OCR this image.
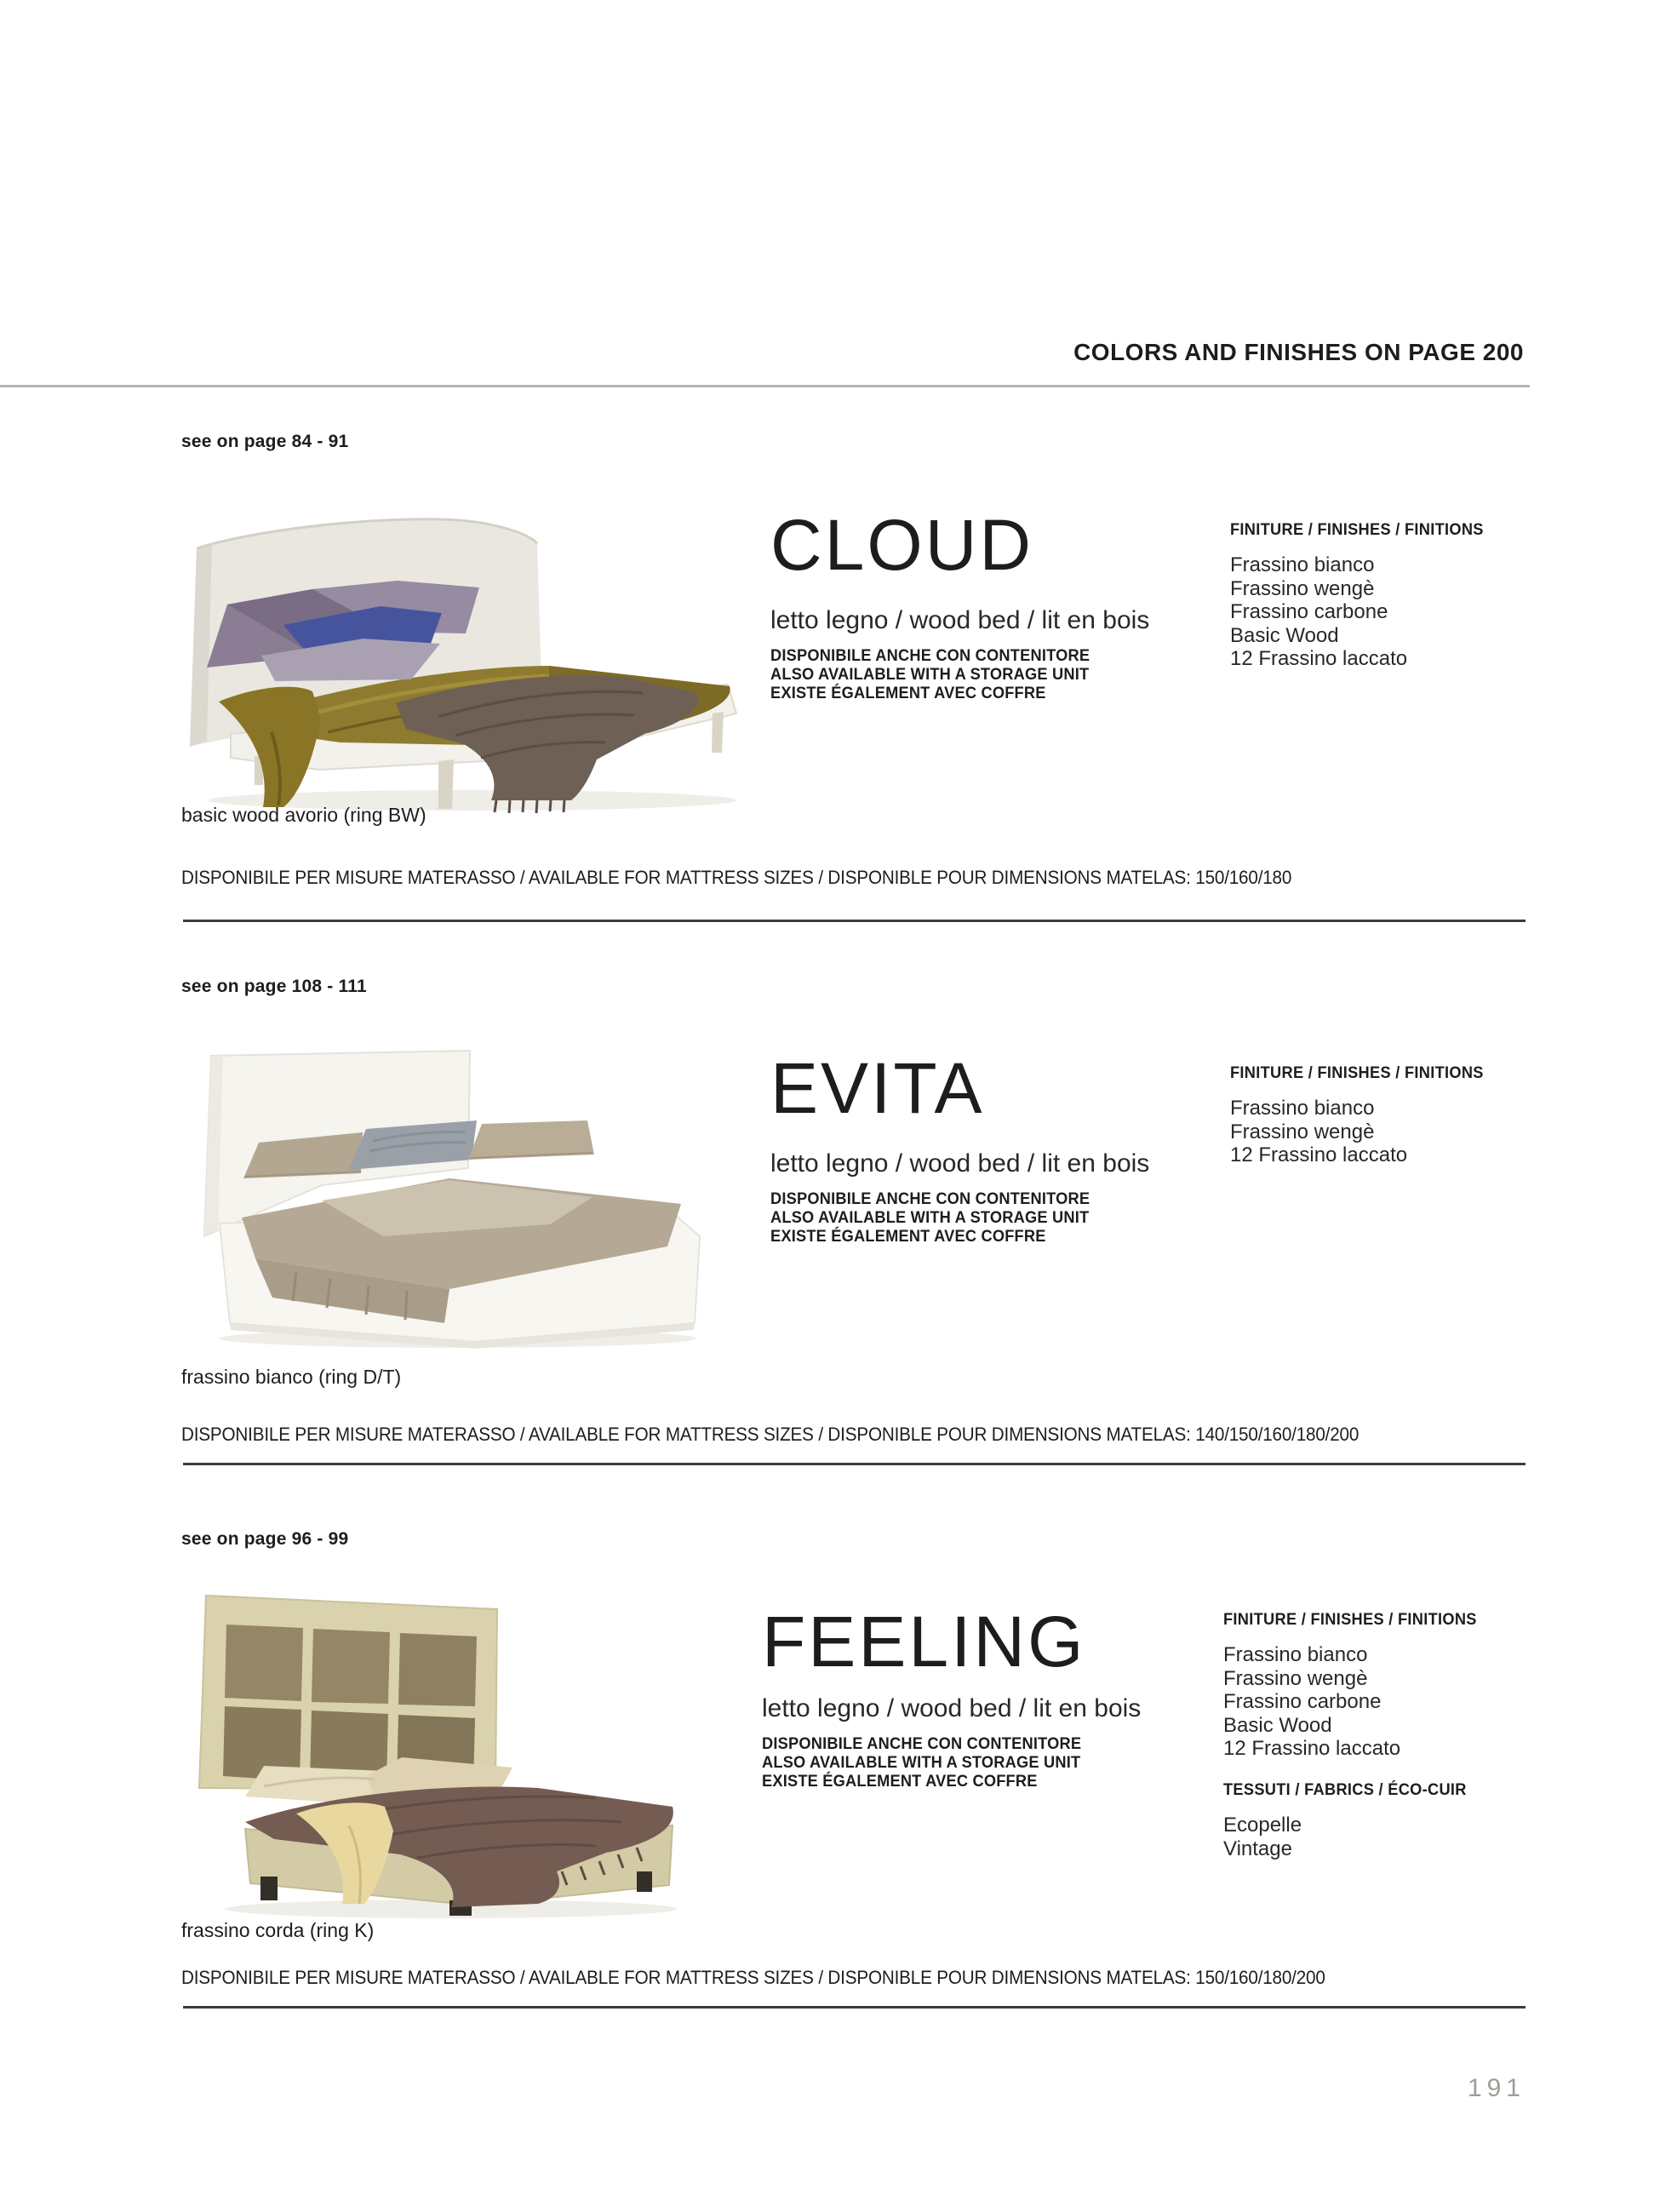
COLORS AND FINISHES ON PAGE 200
see on page 84 - 91
CLOUD
letto legno / wood bed / lit en bois
DISPONIBILE ANCHE CON CONTENITORE
ALSO AVAILABLE WITH A STORAGE UNIT
EXISTE ÉGALEMENT AVEC COFFRE
FINITURE / FINISHES / FINITIONS
Frassino bianco
Frassino wengè
Frassino carbone
Basic Wood
12 Frassino laccato
basic wood avorio (ring BW)
DISPONIBILE PER MISURE MATERASSO / AVAILABLE FOR MATTRESS SIZES / DISPONIBLE POUR DIMENSIONS MATELAS: 150/160/180
see on page 108 - 111
EVITA
letto legno / wood bed / lit en bois
DISPONIBILE ANCHE CON CONTENITORE
ALSO AVAILABLE WITH A STORAGE UNIT
EXISTE ÉGALEMENT AVEC COFFRE
FINITURE / FINISHES / FINITIONS
Frassino bianco
Frassino wengè
12 Frassino laccato
frassino bianco (ring D/T)
DISPONIBILE PER MISURE MATERASSO / AVAILABLE FOR MATTRESS SIZES / DISPONIBLE POUR DIMENSIONS MATELAS: 140/150/160/180/200
see on page 96 - 99
FEELING
letto legno / wood bed / lit en bois
DISPONIBILE ANCHE CON CONTENITORE
ALSO AVAILABLE WITH A STORAGE UNIT
EXISTE ÉGALEMENT AVEC COFFRE
FINITURE / FINISHES / FINITIONS
Frassino bianco
Frassino wengè
Frassino carbone
Basic Wood
12 Frassino laccato
TESSUTI / FABRICS / ÉCO-CUIR
Ecopelle
Vintage
frassino corda (ring K)
DISPONIBILE PER MISURE MATERASSO / AVAILABLE FOR MATTRESS SIZES / DISPONIBLE POUR DIMENSIONS MATELAS: 150/160/180/200
191
